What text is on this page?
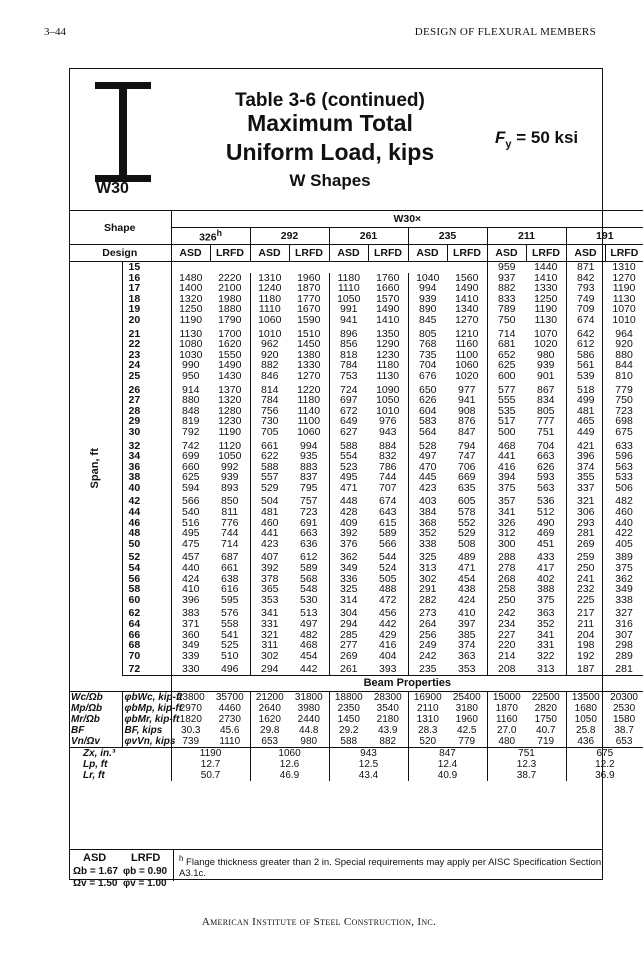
3–44	DESIGN OF FLEXURAL MEMBERS
W30
Table 3-6 (continued)
Maximum Total
Uniform Load, kips
W Shapes
$F_y = 50$ ksi
Shape		W30×											
		326$^h$		292		261		235		211		191	
Design		ASD	LRFD	ASD	LRFD	ASD	LRFD	ASD	LRFD	ASD	LRFD	ASD	LRFD
Span, ft	15									959	1440	871	1310
	16	1480	2220	1310	1960	1180	1760	1040	1560	937	1410	842	1270
	17	1400	2100	1240	1870	1110	1660	994	1490	882	1330	793	1190
	18	1320	1980	1180	1770	1050	1570	939	1410	833	1250	749	1130
	19	1250	1880	1110	1670	991	1490	890	1340	789	1190	709	1070
	20	1190	1790	1060	1590	941	1410	845	1270	750	1130	674	1010
	21	1130	1700	1010	1510	896	1350	805	1210	714	1070	642	964
	22	1080	1620	962	1450	856	1290	768	1160	681	1020	612	920
	23	1030	1550	920	1380	818	1230	735	1100	652	980	586	880
	24	990	1490	882	1330	784	1180	704	1060	625	939	561	844
	25	950	1430	846	1270	753	1130	676	1020	600	901	539	810
	26	914	1370	814	1220	724	1090	650	977	577	867	518	779
	27	880	1320	784	1180	697	1050	626	941	555	834	499	750
	28	848	1280	756	1140	672	1010	604	908	535	805	481	723
	29	819	1230	730	1100	649	976	583	876	517	777	465	698
	30	792	1190	705	1060	627	943	564	847	500	751	449	675
	32	742	1120	661	994	588	884	528	794	468	704	421	633
	34	699	1050	622	935	554	832	497	747	441	663	396	596
	36	660	992	588	883	523	786	470	706	416	626	374	563
	38	625	939	557	837	495	744	445	669	394	593	355	533
	40	594	893	529	795	471	707	423	635	375	563	337	506
	42	566	850	504	757	448	674	403	605	357	536	321	482
	44	540	811	481	723	428	643	384	578	341	512	306	460
	46	516	776	460	691	409	615	368	552	326	490	293	440
	48	495	744	441	663	392	589	352	529	312	469	281	422
	50	475	714	423	636	376	566	338	508	300	451	269	405
	52	457	687	407	612	362	544	325	489	288	433	259	389
	54	440	661	392	589	349	524	313	471	278	417	250	375
	56	424	638	378	568	336	505	302	454	268	402	241	362
	58	410	616	365	548	325	488	291	438	258	388	232	349
	60	396	595	353	530	314	472	282	424	250	375	225	338
	62	383	576	341	513	304	456	273	410	242	363	217	327
	64	371	558	331	497	294	442	264	397	234	352	211	316
	66	360	541	321	482	285	429	256	385	227	341	204	307
	68	349	525	311	468	277	416	249	374	220	331	198	298
	70	339	510	302	454	269	404	242	363	214	322	192	289
	72	330	496	294	442	261	393	235	353	208	313	187	281
		Beam Properties											
Wc/Ωb	φbWc, kip-ft	23800	35700	21200	31800	18800	28300	16900	25400	15000	22500	13500	20300
Mp/Ωb	φbMp, kip-ft	2970	4460	2640	3980	2350	3540	2110	3180	1870	2820	1680	2530
Mr/Ωb	φbMr, kip-ft	1820	2730	1620	2440	1450	2180	1310	1960	1160	1750	1050	1580
BF	BF, kips	30.3	45.6	29.8	44.8	29.2	43.9	28.3	42.5	27.0	40.7	25.8	38.7
Vn/Ωv	φvVn, kips	739	1110	653	980	588	882	520	779	480	719	436	653
Zx, in.³		1190		1060		943		847		751		675	
Lp, ft		12.7		12.6		12.5		12.4		12.3		12.2	
Lr, ft		50.7		46.9		43.4		40.9		38.7		36.9	
ASD LRFD
Ωb = 1.67 φb = 0.90
Ωv = 1.50 φv = 1.00
$^h$ Flange thickness greater than 2 in. Special requirements may apply per AISC Specification Section A3.1c.
American Institute of Steel Construction, Inc.
